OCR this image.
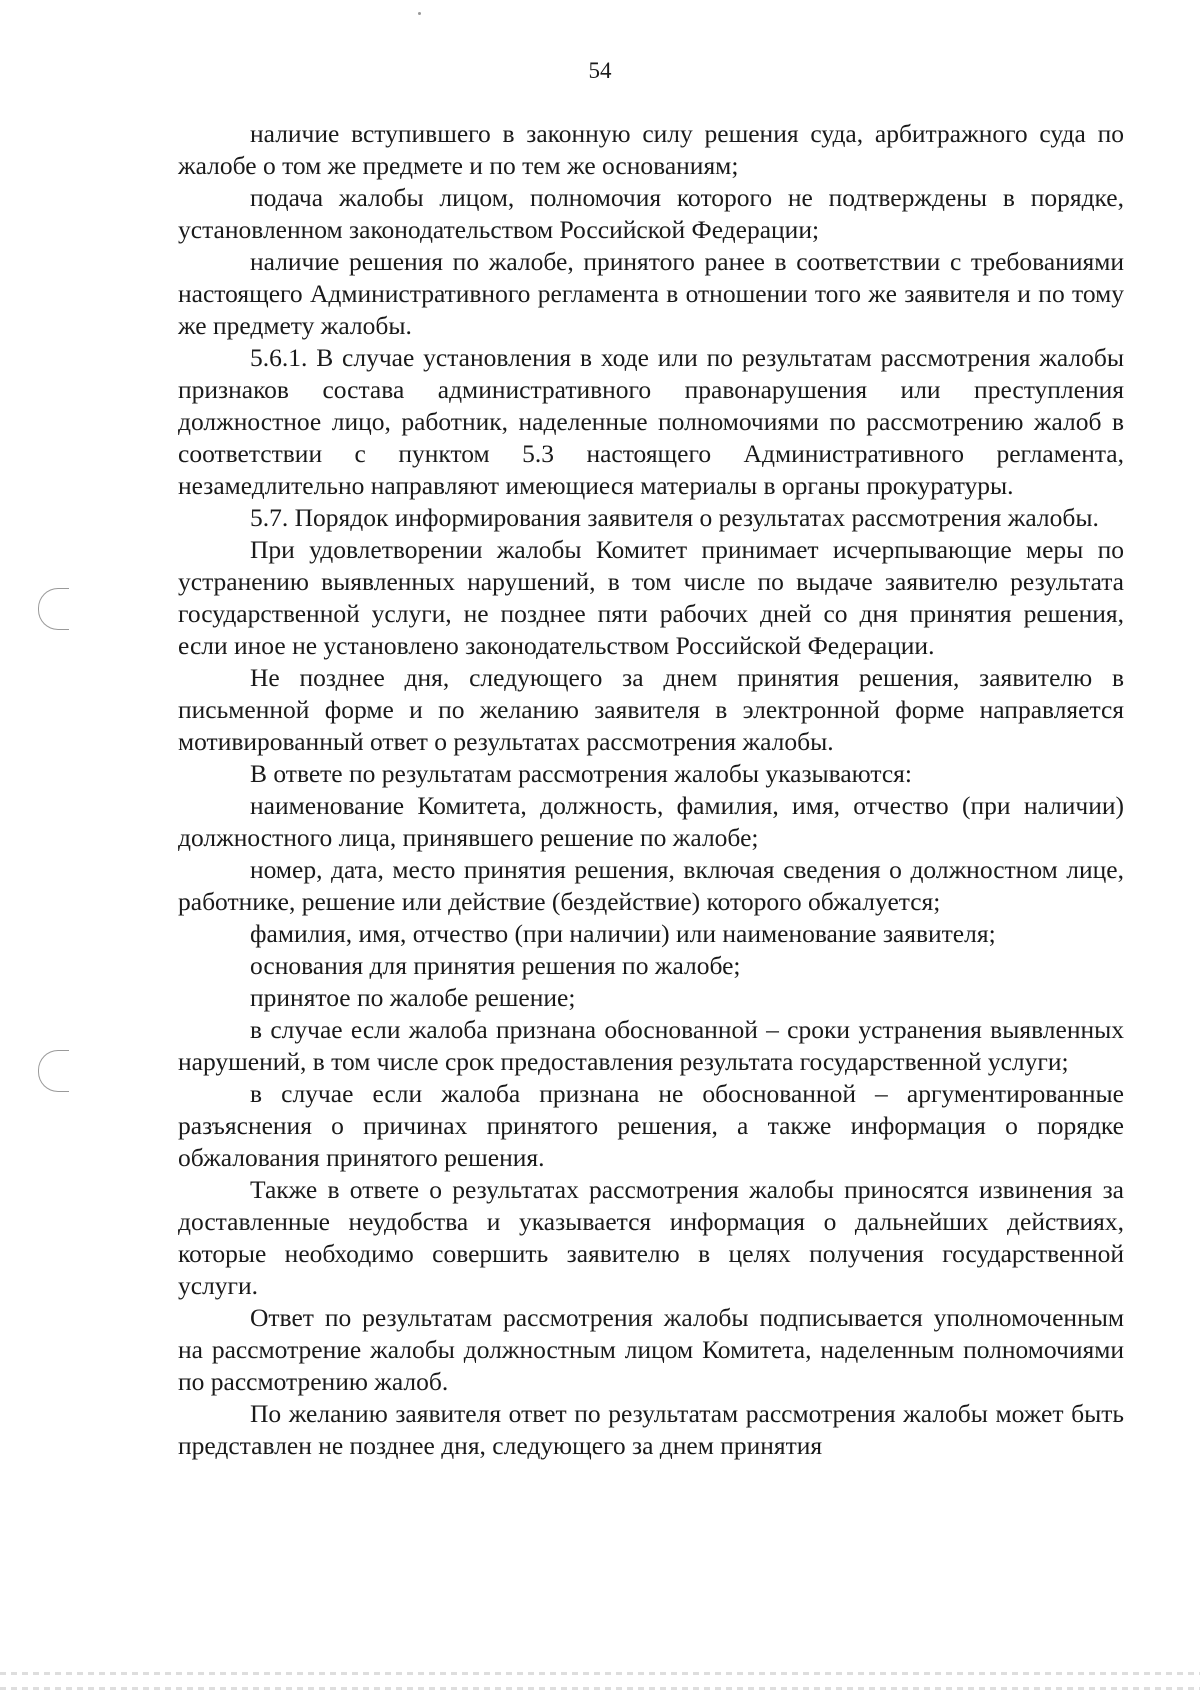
54

наличие вступившего в законную силу решения суда, арбитражного суда по жалобе о том же предмете и по тем же основаниям;

подача жалобы лицом, полномочия которого не подтверждены в порядке, установленном законодательством Российской Федерации;

наличие решения по жалобе, принятого ранее в соответствии с требованиями настоящего Административного регламента в отношении того же заявителя и по тому же предмету жалобы.

5.6.1. В случае установления в ходе или по результатам рассмотрения жалобы признаков состава административного правонарушения или преступления должностное лицо, работник, наделенные полномочиями по рассмотрению жалоб в соответствии с пунктом 5.3 настоящего Административного регламента, незамедлительно направляют имеющиеся материалы в органы прокуратуры.

5.7. Порядок информирования заявителя о результатах рассмотрения жалобы.

При удовлетворении жалобы Комитет принимает исчерпывающие меры по устранению выявленных нарушений, в том числе по выдаче заявителю результата государственной услуги, не позднее пяти рабочих дней со дня принятия решения, если иное не установлено законодательством Российской Федерации.

Не позднее дня, следующего за днем принятия решения, заявителю в письменной форме и по желанию заявителя в электронной форме направляется мотивированный ответ о результатах рассмотрения жалобы.

В ответе по результатам рассмотрения жалобы указываются:

наименование Комитета, должность, фамилия, имя, отчество (при наличии) должностного лица, принявшего решение по жалобе;

номер, дата, место принятия решения, включая сведения о должностном лице, работнике, решение или действие (бездействие) которого обжалуется;

фамилия, имя, отчество (при наличии) или наименование заявителя;

основания для принятия решения по жалобе;

принятое по жалобе решение;

в случае если жалоба признана обоснованной – сроки устранения выявленных нарушений, в том числе срок предоставления результата государственной услуги;

в случае если жалоба признана не обоснованной – аргументированные разъяснения о причинах принятого решения, а также информация о порядке обжалования принятого решения.

Также в ответе о результатах рассмотрения жалобы приносятся извинения за доставленные неудобства и указывается информация о дальнейших действиях, которые необходимо совершить заявителю в целях получения государственной услуги.

Ответ по результатам рассмотрения жалобы подписывается уполномоченным на рассмотрение жалобы должностным лицом Комитета, наделенным полномочиями по рассмотрению жалоб.

По желанию заявителя ответ по результатам рассмотрения жалобы может быть представлен не позднее дня, следующего за днем принятия
